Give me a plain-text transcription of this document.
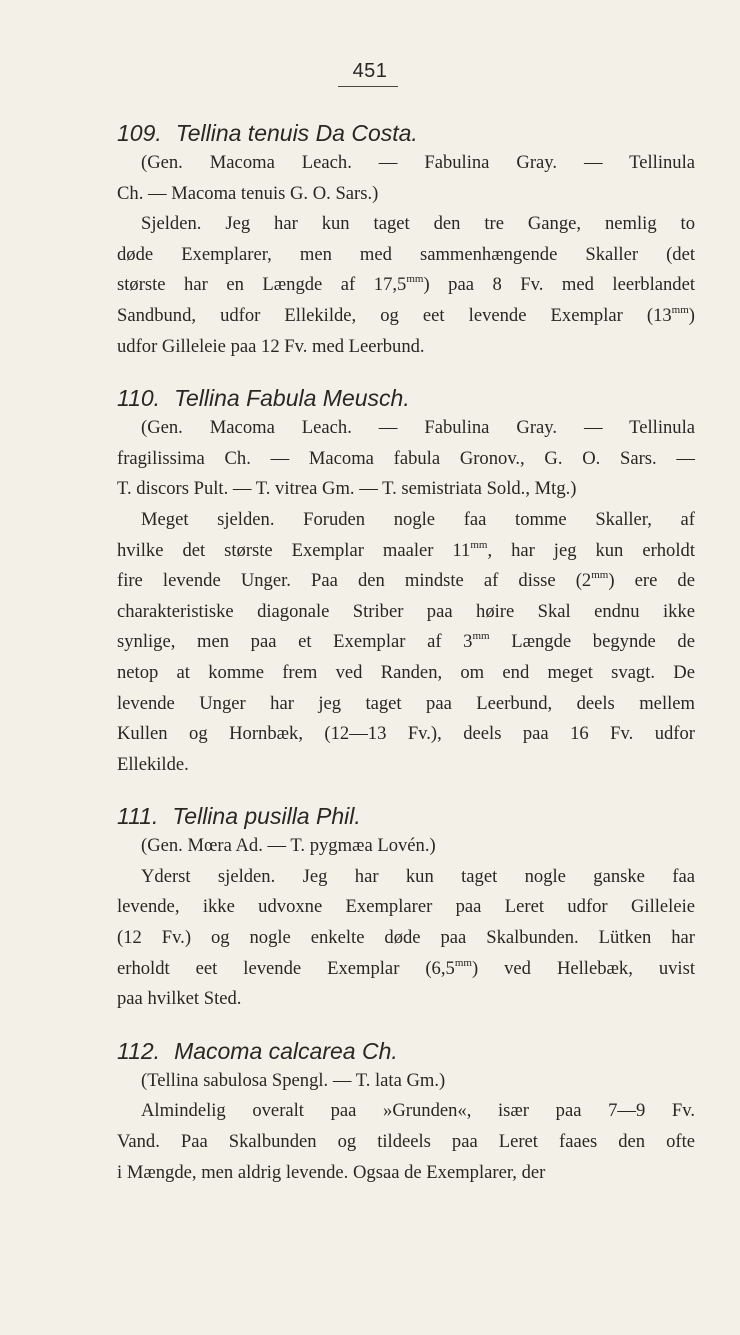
451
109. Tellina tenuis Da Costa.
(Gen. Macoma Leach. — Fabulina Gray. — Tellinula
Ch. — Macoma tenuis G. O. Sars.)
Sjelden. Jeg har kun taget den tre Gange, nemlig to
døde Exemplarer, men med sammenhængende Skaller (det
største har en Længde af $17,5^{mm}$) paa 8 Fv. med leerblandet
Sandbund, udfor Ellekilde, og eet levende Exemplar $(13^{mm})$
udfor Gilleleie paa 12 Fv. med Leerbund.
110. Tellina Fabula Meusch.
(Gen. Macoma Leach. — Fabulina Gray. — Tellinula
fragilissima Ch. — Macoma fabula Gronov., G. O. Sars. —
T. discors Pult. — T. vitrea Gm. — T. semistriata Sold., Mtg.)
Meget sjelden. Foruden nogle faa tomme Skaller, af
hvilke det største Exemplar maaler $11^{mm}$, har jeg kun erholdt
fire levende Unger. Paa den mindste af disse $(2^{mm})$ ere de
charakteristiske diagonale Striber paa høire Skal endnu ikke
synlige, men paa et Exemplar af $3^{mm}$ Længde begynde de
netop at komme frem ved Randen, om end meget svagt. De
levende Unger har jeg taget paa Leerbund, deels mellem
Kullen og Hornbæk, (12—13 Fv.), deels paa 16 Fv. udfor
Ellekilde.
111. Tellina pusilla Phil.
(Gen. Mœra Ad. — T. pygmæa Lovén.)
Yderst sjelden. Jeg har kun taget nogle ganske faa
levende, ikke udvoxne Exemplarer paa Leret udfor Gilleleie
(12 Fv.) og nogle enkelte døde paa Skalbunden. Lütken har
erholdt eet levende Exemplar $(6,5^{mm})$ ved Hellebæk, uvist
paa hvilket Sted.
112. Macoma calcarea Ch.
(Tellina sabulosa Spengl. — T. lata Gm.)
Almindelig overalt paa »Grunden«, især paa 7—9 Fv.
Vand. Paa Skalbunden og tildeels paa Leret faaes den ofte
i Mængde, men aldrig levende. Ogsaa de Exemplarer, der
